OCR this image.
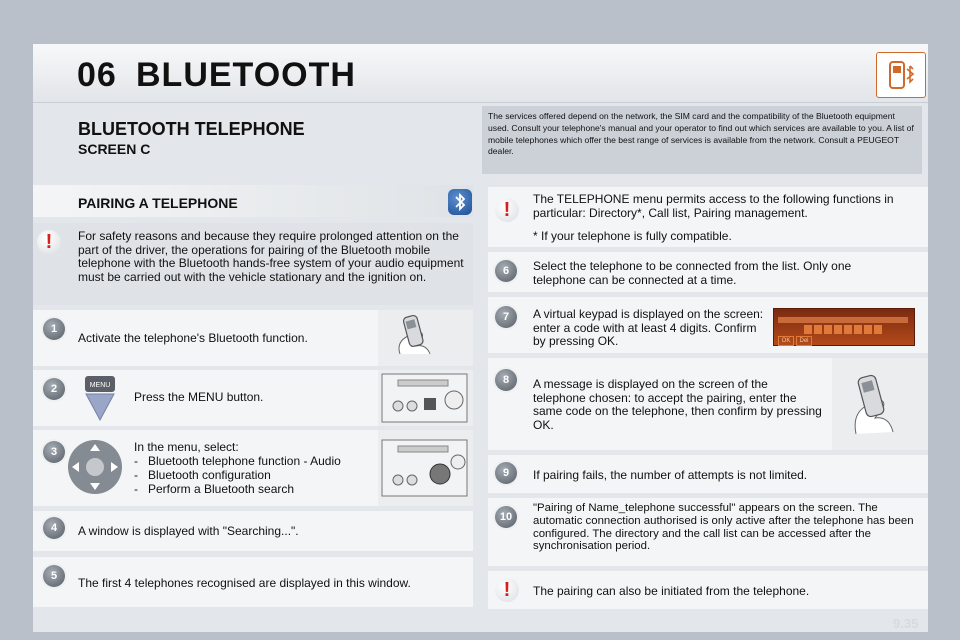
06 BLUETOOTH
BLUETOOTH TELEPHONE
SCREEN C
The services offered depend on the network, the SIM card and the compatibility of the Bluetooth equipment used. Consult your telephone's manual and your operator to find out which services are available to you. A list of mobile telephones which offer the best range of services is available from the network. Consult a PEUGEOT dealer.
PAIRING A TELEPHONE
!	For safety reasons and because they require prolonged attention on the part of the driver, the operations for pairing of the Bluetooth mobile telephone with the Bluetooth hands-free system of your audio equipment must be carried out with the vehicle stationary and the ignition on.
1
Activate the telephone's Bluetooth function.
2	MENU
Press the MENU button.
3	In the menu, select:
- Bluetooth telephone function - Audio
- Bluetooth configuration
- Perform a Bluetooth search
4	A window is displayed with "Searching...".
5	The first 4 telephones recognised are displayed in this window.
!	The TELEPHONE menu permits access to the following functions in particular: Directory*, Call list, Pairing management.
* If your telephone is fully compatible.
6	Select the telephone to be connected from the list. Only one telephone can be connected at a time.
7	A virtual keypad is displayed on the screen: enter a code with at least 4 digits. Confirm by pressing OK.	OK	Del
8	A message is displayed on the screen of the telephone chosen: to accept the pairing, enter the same code on the telephone, then confirm by pressing OK.
9	If pairing fails, the number of attempts is not limited.
10
"Pairing of Name_telephone successful" appears on the screen. The automatic connection authorised is only active after the telephone has been configured. The directory and the call list can be accessed after the synchronisation period.
!	The pairing can also be initiated from the telephone.
9.35
